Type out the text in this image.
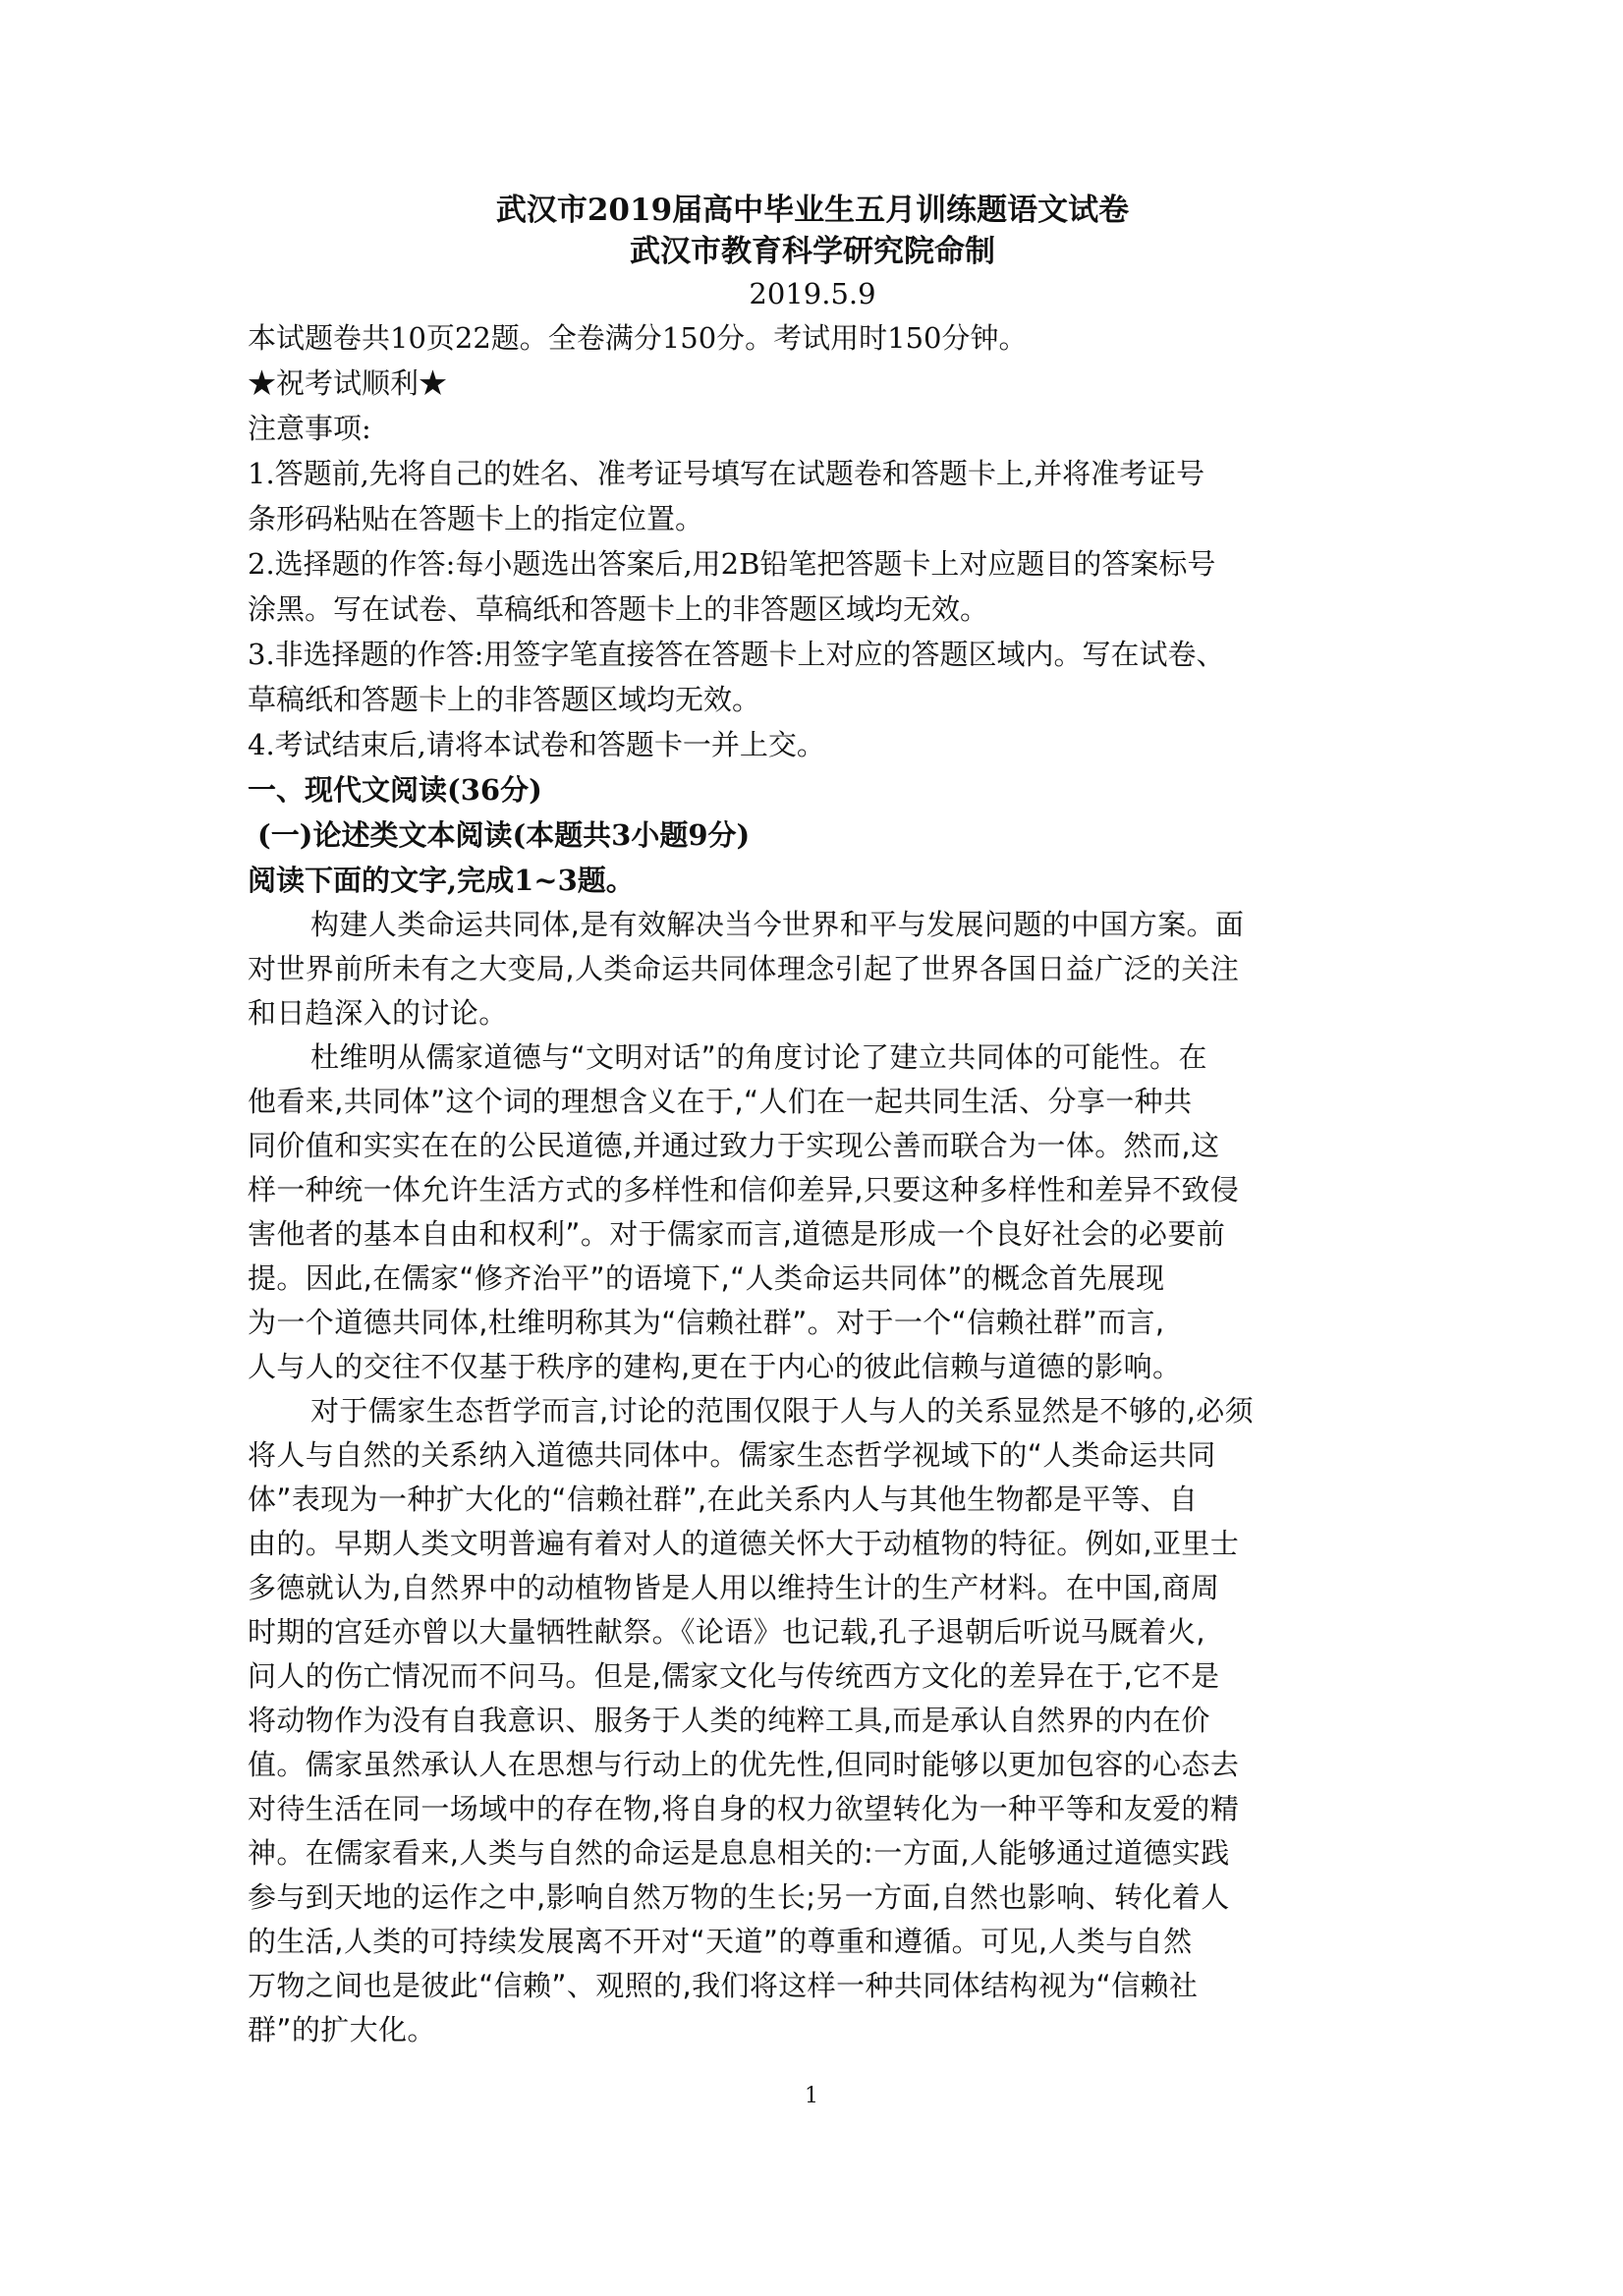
武汉市2019届高中毕业生五月训练题语文试卷
武汉市教育科学研究院命制
2019.5.9
本试题卷共10页22题。全卷满分150分。考试用时150分钟。
★祝考试顺利★
注意事项:
1.答题前,先将自己的姓名、准考证号填写在试题卷和答题卡上,并将准考证号
条形码粘贴在答题卡上的指定位置。
2.选择题的作答:每小题选出答案后,用2B铅笔把答题卡上对应题目的答案标号
涂黑。写在试卷、草稿纸和答题卡上的非答题区域均无效。
3.非选择题的作答:用签字笔直接答在答题卡上对应的答题区域内。写在试卷、
草稿纸和答题卡上的非答题区域均无效。
4.考试结束后,请将本试卷和答题卡一并上交。
一、现代文阅读(36分)
(一)论述类文本阅读(本题共3小题9分)
阅读下面的文字,完成1~3题。
构建人类命运共同体,是有效解决当今世界和平与发展问题的中国方案。面
对世界前所未有之大变局,人类命运共同体理念引起了世界各国日益广泛的关注
和日趋深入的讨论。
杜维明从儒家道德与“文明对话”的角度讨论了建立共同体的可能性。在
他看来,共同体”这个词的理想含义在于,“人们在一起共同生活、分享一种共
同价值和实实在在的公民道德,并通过致力于实现公善而联合为一体。然而,这
样一种统一体允许生活方式的多样性和信仰差异,只要这种多样性和差异不致侵
害他者的基本自由和权利”。对于儒家而言,道德是形成一个良好社会的必要前
提。因此,在儒家“修齐治平”的语境下,“人类命运共同体”的概念首先展现
为一个道德共同体,杜维明称其为“信赖社群”。对于一个“信赖社群”而言,
人与人的交往不仅基于秩序的建构,更在于内心的彼此信赖与道德的影响。
对于儒家生态哲学而言,讨论的范围仅限于人与人的关系显然是不够的,必须
将人与自然的关系纳入道德共同体中。儒家生态哲学视域下的“人类命运共同
体”表现为一种扩大化的“信赖社群”,在此关系内人与其他生物都是平等、自
由的。早期人类文明普遍有着对人的道德关怀大于动植物的特征。例如,亚里士
多德就认为,自然界中的动植物皆是人用以维持生计的生产材料。在中国,商周
时期的宫廷亦曾以大量牺牲献祭。《论语》也记载,孔子退朝后听说马厩着火,
问人的伤亡情况而不问马。但是,儒家文化与传统西方文化的差异在于,它不是
将动物作为没有自我意识、服务于人类的纯粹工具,而是承认自然界的内在价
值。儒家虽然承认人在思想与行动上的优先性,但同时能够以更加包容的心态去
对待生活在同一场域中的存在物,将自身的权力欲望转化为一种平等和友爱的精
神。在儒家看来,人类与自然的命运是息息相关的:一方面,人能够通过道德实践
参与到天地的运作之中,影响自然万物的生长;另一方面,自然也影响、转化着人
的生活,人类的可持续发展离不开对“天道”的尊重和遵循。可见,人类与自然
万物之间也是彼此“信赖”、观照的,我们将这样一种共同体结构视为“信赖社
群”的扩大化。
1
